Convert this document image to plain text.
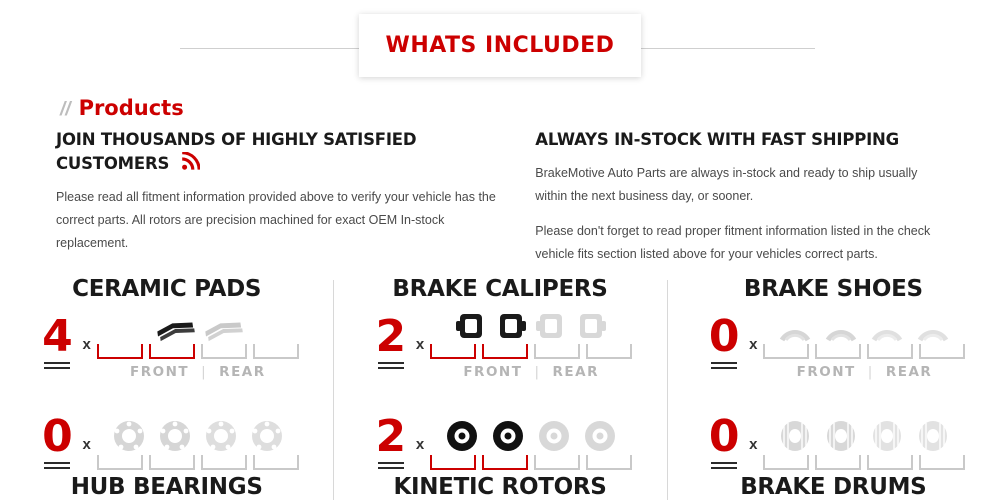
WHATS INCLUDED
// Products
JOIN THOUSANDS OF HIGHLY SATISFIED CUSTOMERS

Please read all fitment information provided above to verify your vehicle has the correct parts. All rotors are precision machined for exact OEM In-stock replacement.

ALWAYS IN-STOCK WITH FAST SHIPPING

BrakeMotive Auto Parts are always in-stock and ready to ship usually within the next business day, or sooner.

Please don't forget to read proper fitment information listed in the check vehicle fits section listed above for your vehicles correct parts.

CERAMIC PADS
4 x
FRONT | REAR
0 x
HUB BEARINGS
BRAKE CALIPERS
2 x
FRONT | REAR
2 x
KINETIC ROTORS
BRAKE SHOES
0 x
FRONT | REAR
0 x
BRAKE DRUMS
